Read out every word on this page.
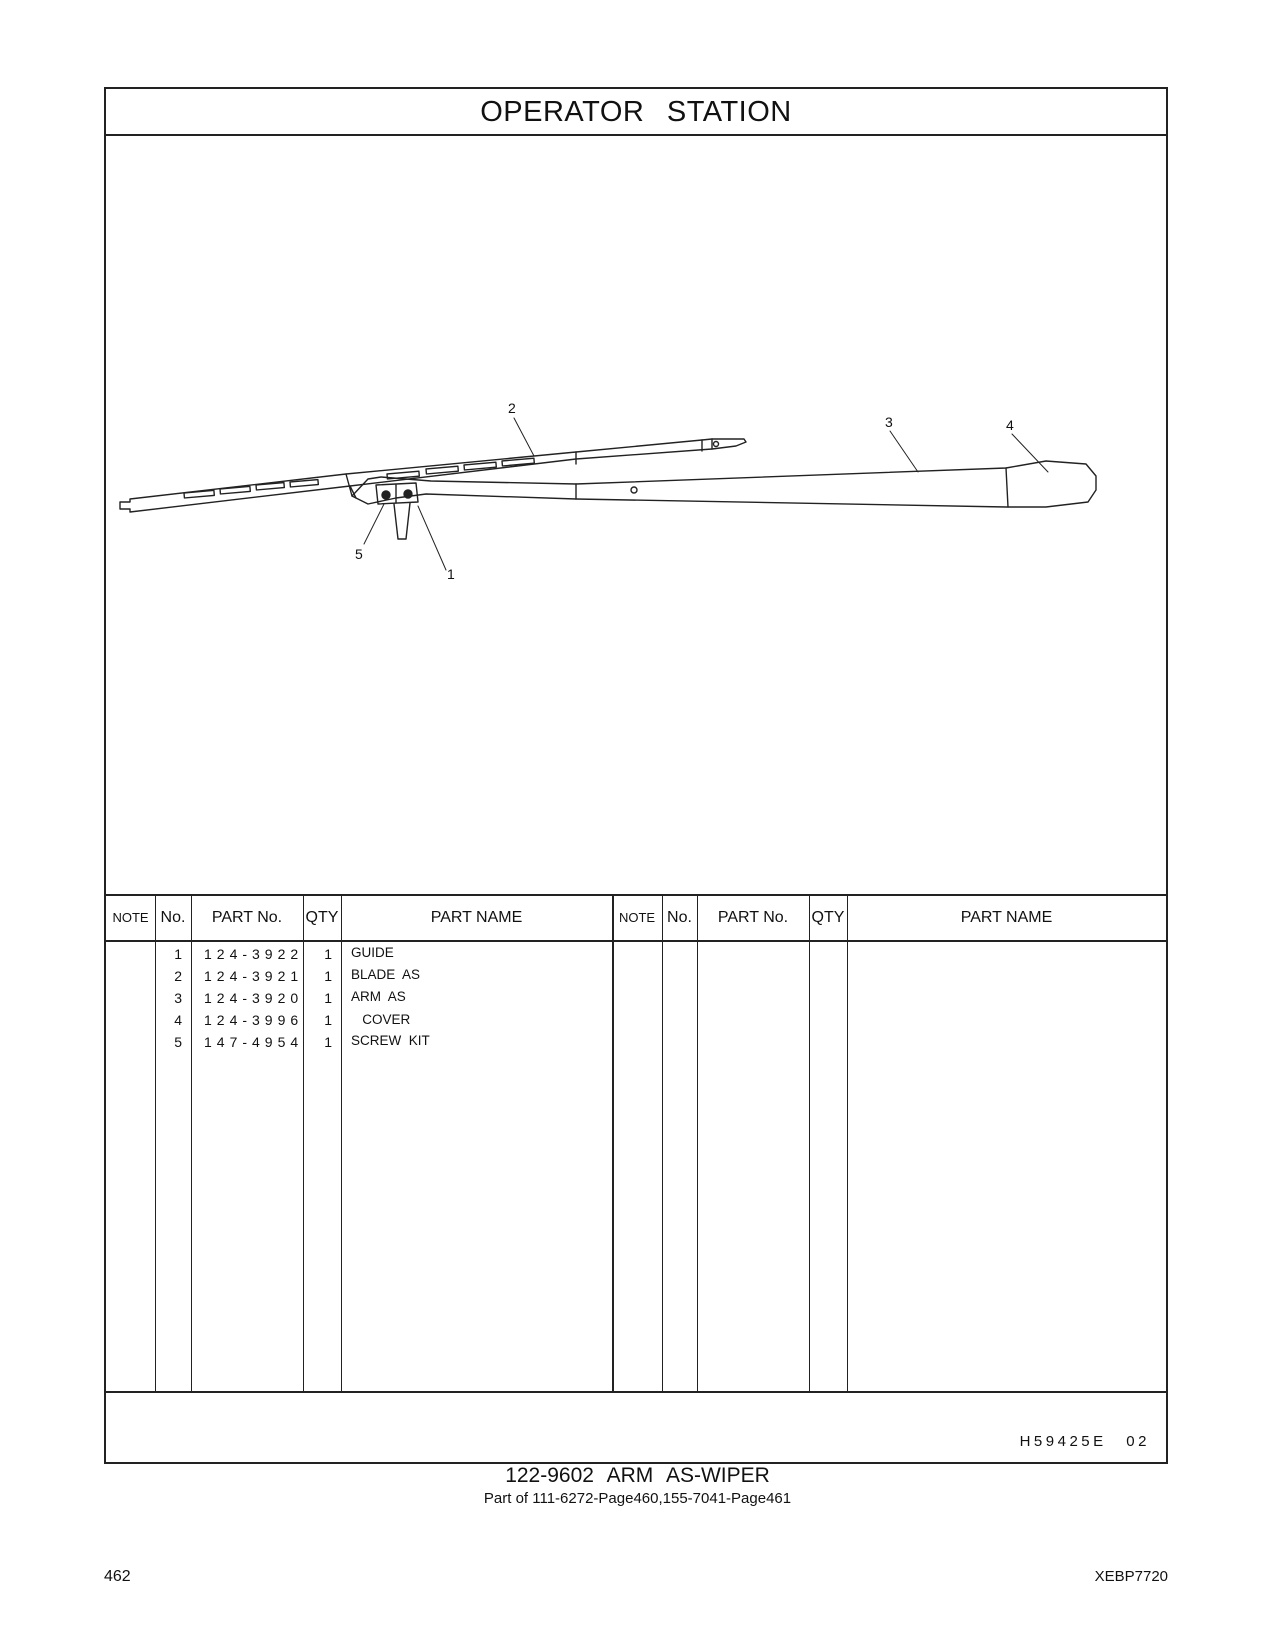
OPERATOR STATION
2
3	4
5
1
NOTE No.	PART No.	QTY	PART NAME	NOTE No.	PART No.	QTY	PART NAME
1 124-3922	1 GUIDE
2 124-3921	1 BLADE  AS
3 124-3920	1 ARM  AS
4 124-3996	1 COVER
5 147-4954	1 SCREW  KIT
H59425E 02
122-9602 ARM AS-WIPER
Part of 111-6272-Page460,155-7041-Page461
462	XEBP7720
